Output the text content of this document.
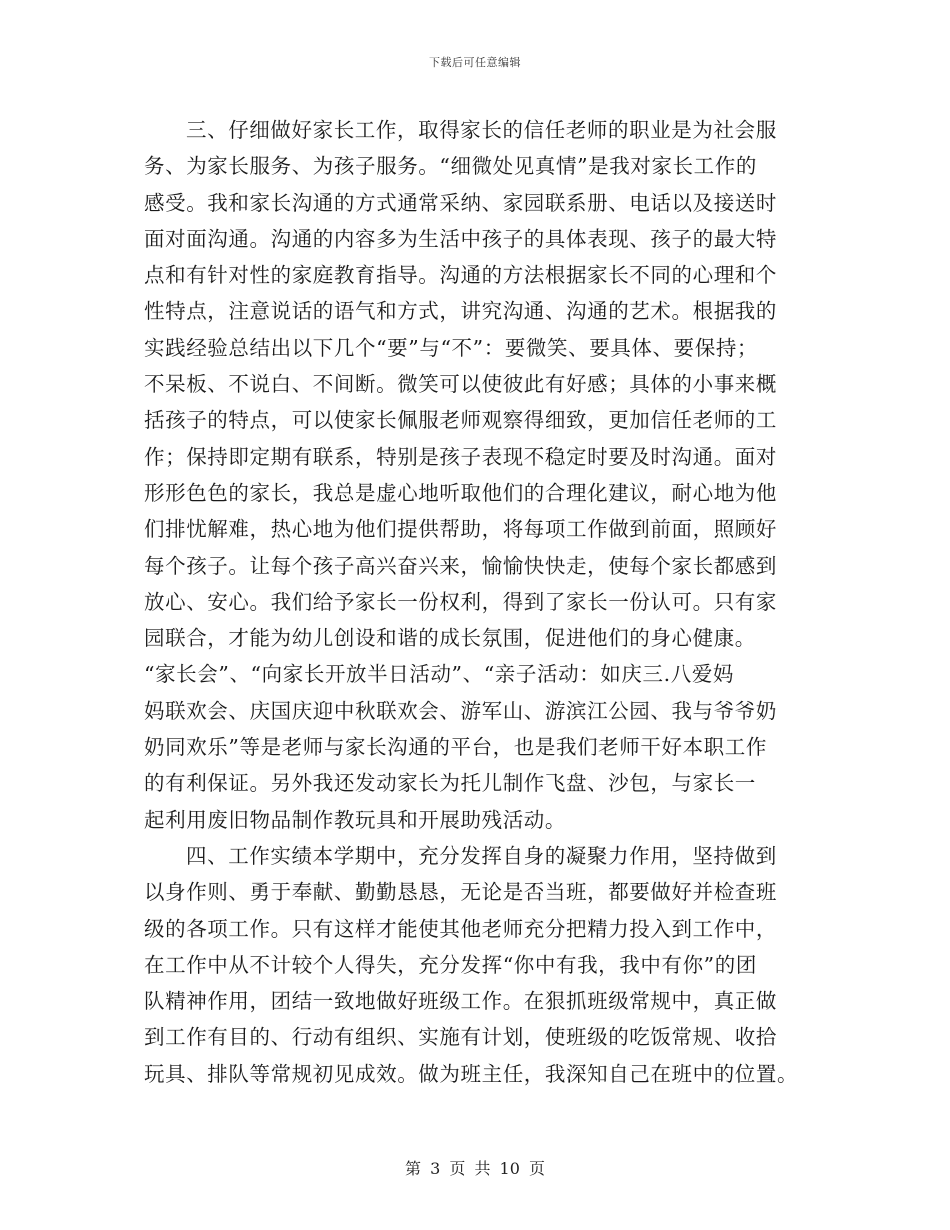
下载后可任意编辑
三、仔细做好家长工作，取得家长的信任老师的职业是为社会服
务、为家长服务、为孩子服务。“细微处见真情”是我对家长工作的
感受。我和家长沟通的方式通常采纳、家园联系册、电话以及接送时
面对面沟通。沟通的内容多为生活中孩子的具体表现、孩子的最大特
点和有针对性的家庭教育指导。沟通的方法根据家长不同的心理和个
性特点，注意说话的语气和方式，讲究沟通、沟通的艺术。根据我的
实践经验总结出以下几个“要”与“不”：要微笑、要具体、要保持；
不呆板、不说白、不间断。微笑可以使彼此有好感；具体的小事来概
括孩子的特点，可以使家长佩服老师观察得细致，更加信任老师的工
作；保持即定期有联系，特别是孩子表现不稳定时要及时沟通。面对
形形色色的家长，我总是虚心地听取他们的合理化建议，耐心地为他
们排忧解难，热心地为他们提供帮助，将每项工作做到前面，照顾好
每个孩子。让每个孩子高兴奋兴来，愉愉快快走，使每个家长都感到
放心、安心。我们给予家长一份权利，得到了家长一份认可。只有家
园联合，才能为幼儿创设和谐的成长氛围，促进他们的身心健康。
“家长会”、“向家长开放半日活动”、“亲子活动：如庆三.八爱妈
妈联欢会、庆国庆迎中秋联欢会、游军山、游滨江公园、我与爷爷奶
奶同欢乐”等是老师与家长沟通的平台，也是我们老师干好本职工作
的有利保证。另外我还发动家长为托儿制作飞盘、沙包，与家长一
起利用废旧物品制作教玩具和开展助残活动。
四、工作实绩本学期中，充分发挥自身的凝聚力作用，坚持做到
以身作则、勇于奉献、勤勤恳恳，无论是否当班，都要做好并检查班
级的各项工作。只有这样才能使其他老师充分把精力投入到工作中，
在工作中从不计较个人得失，充分发挥“你中有我，我中有你”的团
队精神作用，团结一致地做好班级工作。在狠抓班级常规中，真正做
到工作有目的、行动有组织、实施有计划，使班级的吃饭常规、收拾
玩具、排队等常规初见成效。做为班主任，我深知自己在班中的位置。
第 3 页 共 10 页
